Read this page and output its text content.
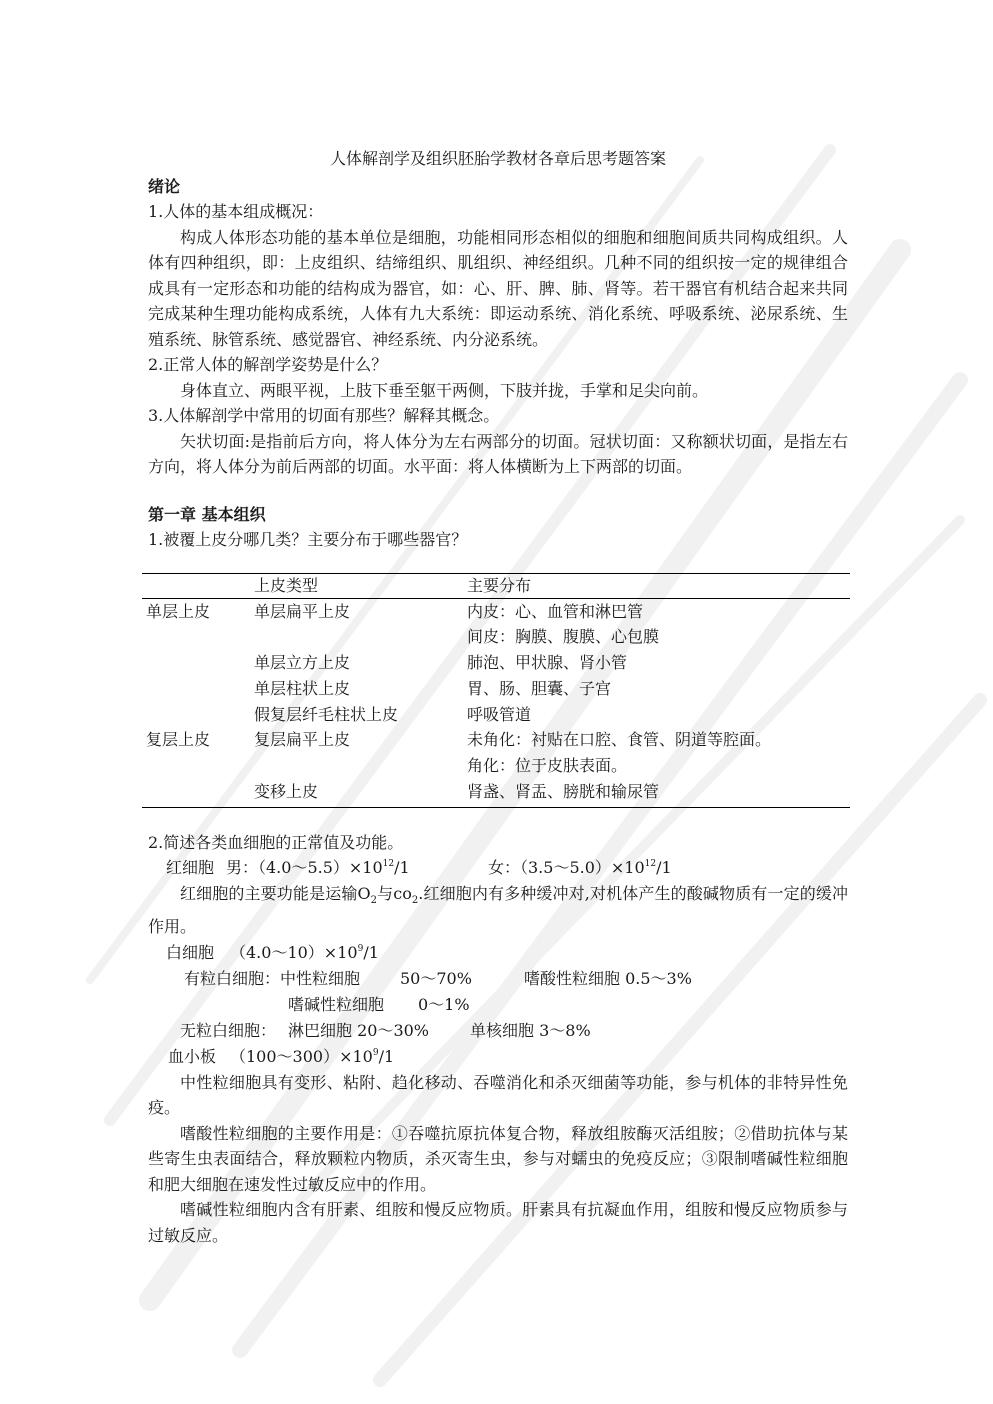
人体解剖学及组织胚胎学教材各章后思考题答案
绪论
1.人体的基本组成概况：

构成人体形态功能的基本单位是细胞，功能相同形态相似的细胞和细胞间质共同构成组织。人体有四种组织，即：上皮组织、结缔组织、肌组织、神经组织。几种不同的组织按一定的规律组合成具有一定形态和功能的结构成为器官，如：心、肝、脾、肺、肾等。若干器官有机结合起来共同完成某种生理功能构成系统，人体有九大系统：即运动系统、消化系统、呼吸系统、泌尿系统、生殖系统、脉管系统、感觉器官、神经系统、内分泌系统。

2.正常人体的解剖学姿势是什么？

身体直立、两眼平视，上肢下垂至躯干两侧，下肢并拢，手掌和足尖向前。

3.人体解剖学中常用的切面有那些？解释其概念。

矢状切面:是指前后方向，将人体分为左右两部分的切面。冠状切面：又称额状切面，是指左右方向，将人体分为前后两部的切面。水平面：将人体横断为上下两部的切面。

第一章 基本组织
1.被覆上皮分哪几类？主要分布于哪些器官？
	上皮类型	主要分布
单层上皮	单层扁平上皮	内皮：心、血管和淋巴管
		间皮：胸膜、腹膜、心包膜
	单层立方上皮	肺泡、甲状腺、肾小管
	单层柱状上皮	胃、肠、胆囊、子宫
	假复层纤毛柱状上皮	呼吸管道
复层上皮	复层扁平上皮	未角化：衬贴在口腔、食管、阴道等腔面。
		角化：位于皮肤表面。
	变移上皮	肾盏、肾盂、膀胱和输尿管
2.简述各类血细胞的正常值及功能。
红细胞 男：$(4.0\sim 5.5)\times 10^{12}/1$	女：$(3.5\sim 5.0)\times 10^{12}/1$

红细胞的主要功能是运输$O_2$与$co_2$.红细胞内有多种缓冲对,对机体产生的酸碱物质有一定的缓冲作用。

白细胞 $(4.0\sim 10)\times 10^9/1$
有粒白细胞： 中性粒细胞 50～70%	嗜酸性粒细胞 0.5～3%
嗜碱性粒细胞 0～1%
无粒白细胞： 淋巴细胞 20～30%	单核细胞 3～8%
血小板 $(100\sim 300)\times 10^9/1$

中性粒细胞具有变形、粘附、趋化移动、吞噬消化和杀灭细菌等功能，参与机体的非特异性免疫。

嗜酸性粒细胞的主要作用是：①吞噬抗原抗体复合物，释放组胺酶灭活组胺；②借助抗体与某些寄生虫表面结合，释放颗粒内物质，杀灭寄生虫，参与对蠕虫的免疫反应；③限制嗜碱性粒细胞和肥大细胞在速发性过敏反应中的作用。

嗜碱性粒细胞内含有肝素、组胺和慢反应物质。肝素具有抗凝血作用，组胺和慢反应物质参与过敏反应。
